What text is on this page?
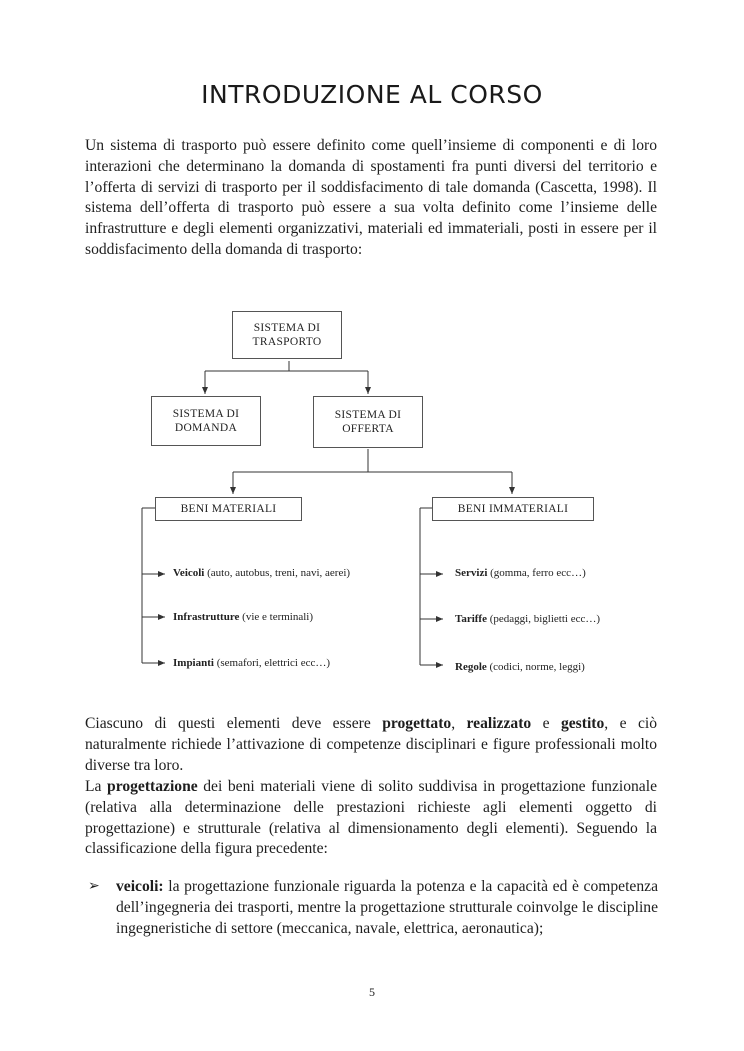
INTRODUZIONE AL CORSO
Un sistema di trasporto può essere definito come quell’insieme di componenti e di loro interazioni che determinano la domanda di spostamenti fra punti diversi del territorio e l’offerta di servizi di trasporto per il soddisfacimento di tale domanda (Cascetta, 1998). Il sistema dell’offerta di trasporto può essere a sua volta definito come l’insieme delle infrastrutture e degli elementi organizzativi, materiali ed immateriali, posti in essere per il soddisfacimento della domanda di trasporto:
SISTEMA DI TRASPORTO
SISTEMA DI DOMANDA
SISTEMA DI OFFERTA
BENI MATERIALI	BENI IMMATERIALI
Veicoli (auto, autobus, treni, navi, aerei)
Infrastrutture (vie e terminali)
Impianti (semafori, elettrici ecc…)
Servizi (gomma, ferro ecc…)
Tariffe (pedaggi, biglietti ecc…)
Regole (codici, norme, leggi)
Ciascuno di questi elementi deve essere progettato, realizzato e gestito, e ciò naturalmente richiede l’attivazione di competenze disciplinari e figure professionali molto diverse tra loro.
La progettazione dei beni materiali viene di solito suddivisa in progettazione funzionale (relativa alla determinazione delle prestazioni richieste agli elementi oggetto di progettazione) e strutturale (relativa al dimensionamento degli elementi). Seguendo la classificazione della figura precedente:
➢ veicoli: la progettazione funzionale riguarda la potenza e la capacità ed è competenza dell’ingegneria dei trasporti, mentre la progettazione strutturale coinvolge le discipline ingegneristiche di settore (meccanica, navale, elettrica, aeronautica);
5
